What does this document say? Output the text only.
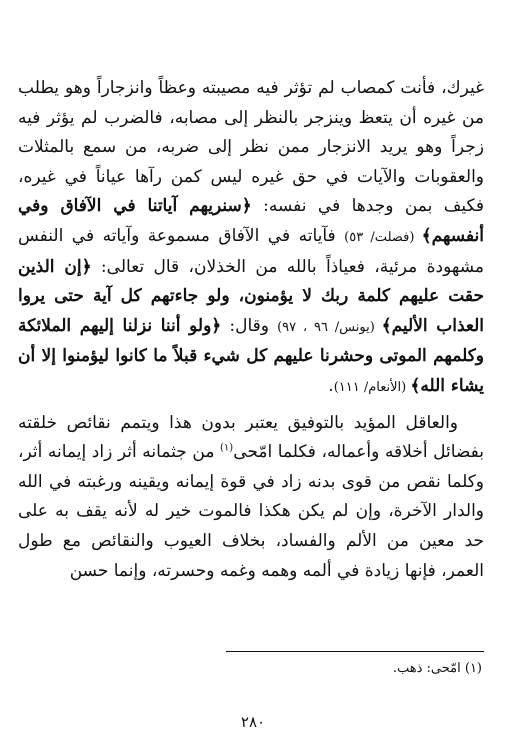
غيرك، فأنت كمصاب لم تؤثر فيه مصيبته وعظاً وانزجاراً وهو يطلب من غيره أن يتعظ وينزجر بالنظر إلى مصابه، فالضرب لم يؤثر فيه زجراً وهو يريد الانزجار ممن نظر إلى ضربه، من سمع بالمثلات والعقوبات والآيات في حق غيره ليس كمن رآها عياناً في غيره، فكيف بمن وجدها في نفسه: ﴿سنريهم آياتنا في الآفاق وفي أنفسهم﴾ (فصلت/ ٥٣) فآياته في الآفاق مسموعة وآياته في النفس مشهودة مرئية، فعياذاً بالله من الخذلان، قال تعالى: ﴿إن الذين حقت عليهم كلمة ربك لا يؤمنون، ولو جاءتهم كل آية حتى يروا العذاب الأليم﴾ (يونس/ ٩٦ ، ٩٧) وقال: ﴿ولو أننا نزلنا إليهم الملائكة وكلمهم الموتى وحشرنا عليهم كل شيء قبلاً ما كانوا ليؤمنوا إلا أن يشاء الله﴾ (الأنعام/ ١١١).

والعاقل المؤيد بالتوفيق يعتبر بدون هذا ويتمم نقائص خلقته بفضائل أخلاقه وأعماله، فكلما امّحى$^{(١)}$ من جثمانه أثر زاد إيمانه أثر، وكلما نقص من قوى بدنه زاد في قوة إيمانه ويقينه ورغبته في الله والدار الآخرة، وإن لم يكن هكذا فالموت خير له لأنه يقف به على حد معين من الألم والفساد، بخلاف العيوب والنقائص مع طول العمر، فإنها زيادة في ألمه وهمه وغمه وحسرته، وإنما حسن

(١) امّحى: ذهب.
٢٨٠
